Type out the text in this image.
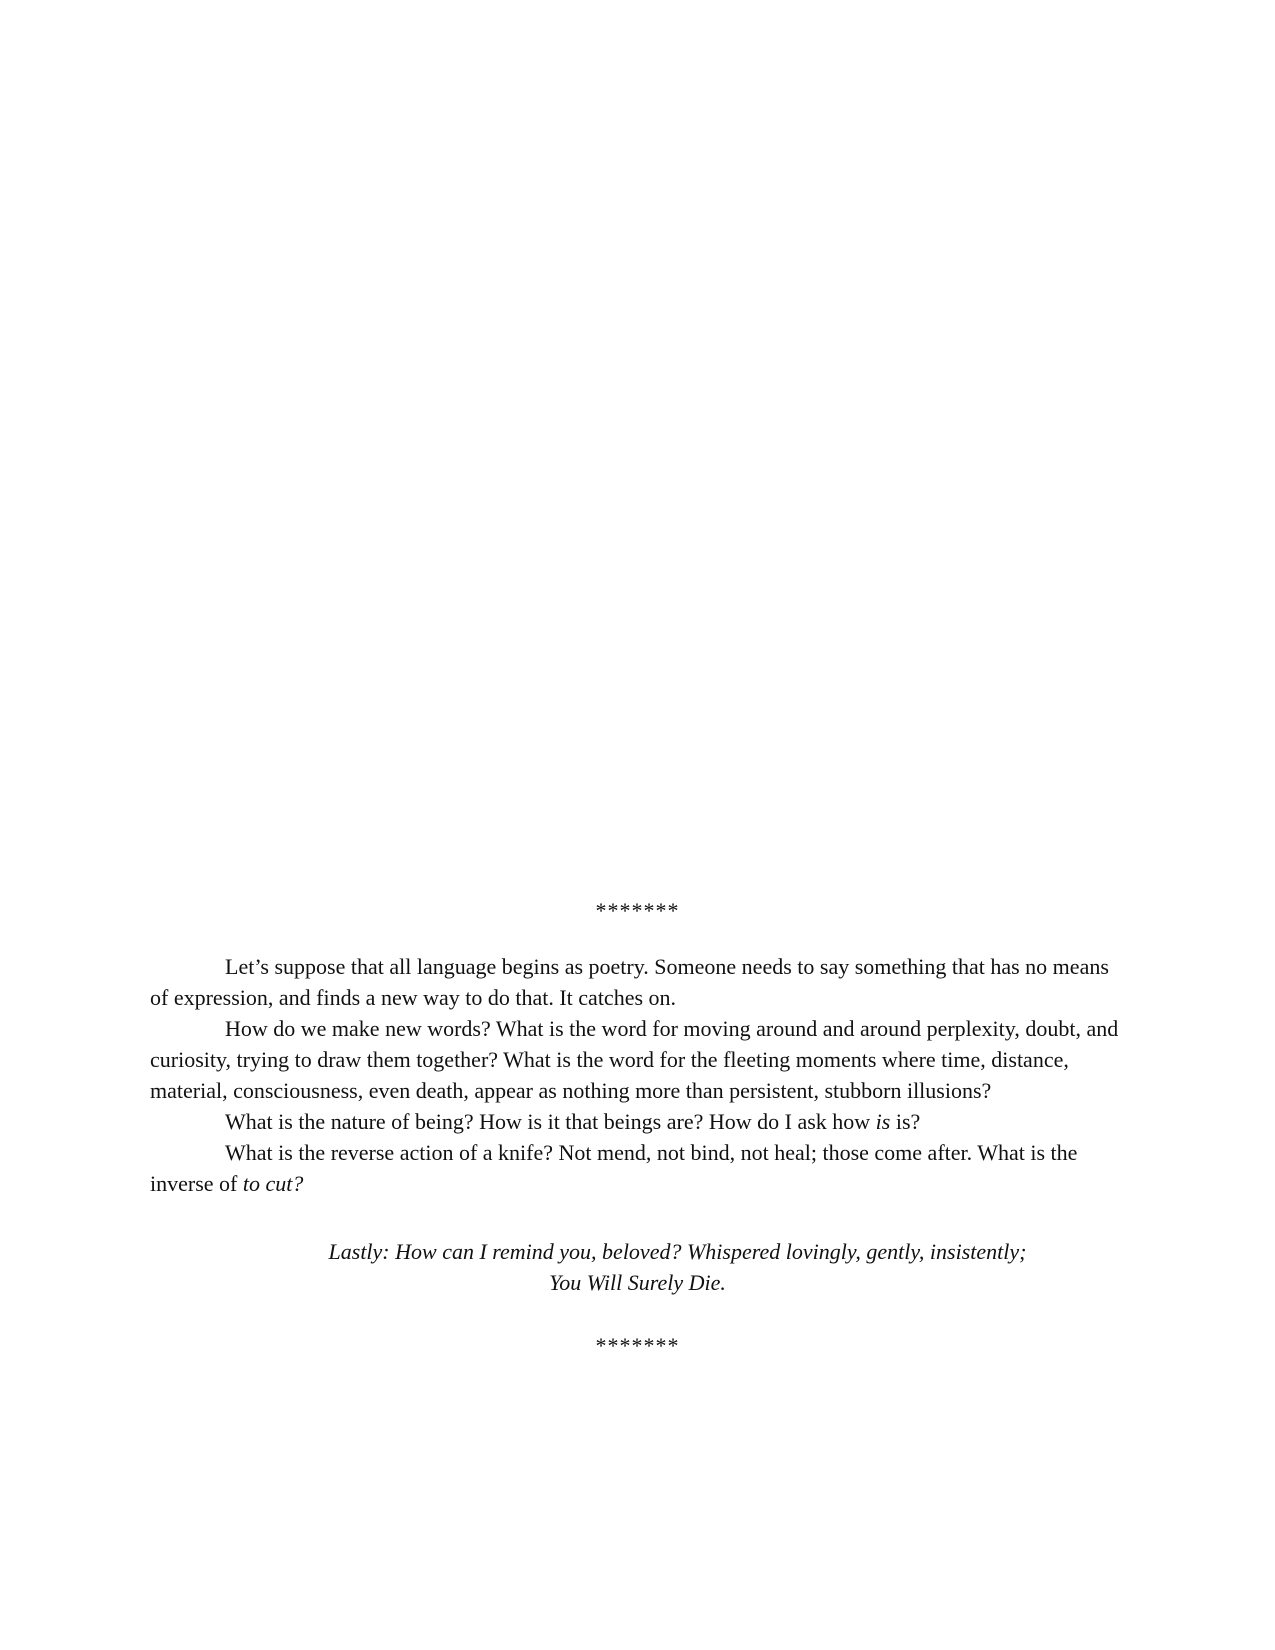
*******

Let’s suppose that all language begins as poetry. Someone needs to say something that has no means of expression, and finds a new way to do that. It catches on.

How do we make new words? What is the word for moving around and around perplexity, doubt, and curiosity, trying to draw them together? What is the word for the fleeting moments where time, distance, material, consciousness, even death, appear as nothing more than persistent, stubborn illusions?

What is the nature of being? How is it that beings are? How do I ask how is is?

What is the reverse action of a knife? Not mend, not bind, not heal; those come after. What is the inverse of to cut?

Lastly: How can I remind you, beloved? Whispered lovingly, gently, insistently;
You Will Surely Die.
*******
